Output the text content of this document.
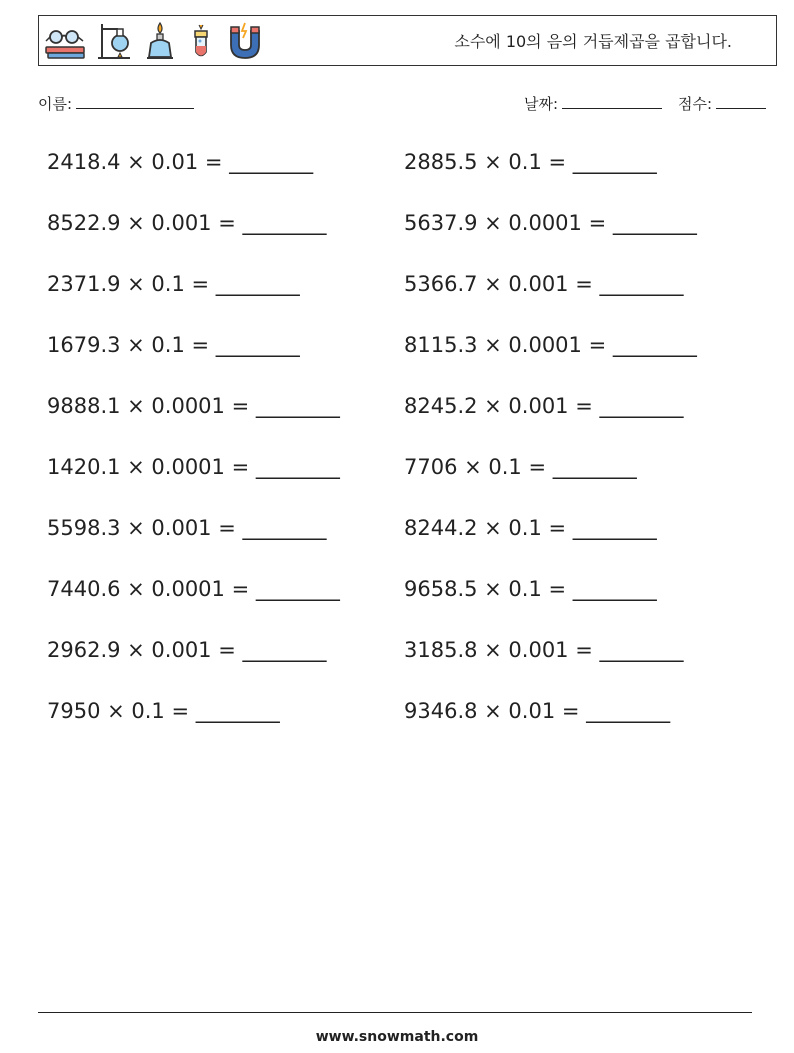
소수에 10의 음의 거듭제곱을 곱합니다.
이름:	날짜:	점수:
2418.4 × 0.01 = ________	2885.5 × 0.1 = ________
8522.9 × 0.001 = ________	5637.9 × 0.0001 = ________
2371.9 × 0.1 = ________	5366.7 × 0.001 = ________
1679.3 × 0.1 = ________	8115.3 × 0.0001 = ________
9888.1 × 0.0001 = ________	8245.2 × 0.001 = ________
1420.1 × 0.0001 = ________	7706 × 0.1 = ________
5598.3 × 0.001 = ________	8244.2 × 0.1 = ________
7440.6 × 0.0001 = ________	9658.5 × 0.1 = ________
2962.9 × 0.001 = ________	3185.8 × 0.001 = ________
7950 × 0.1 = ________	9346.8 × 0.01 = ________
www.snowmath.com
